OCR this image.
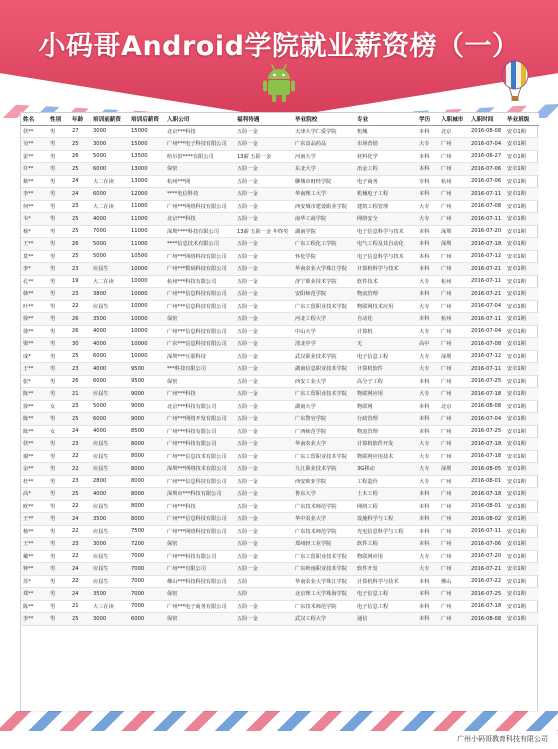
小码哥Android学院就业薪资榜（一）
姓名	性别	年龄	培训前薪资	培训后薪资	入职公司	福利待遇	毕业院校	专业	学历	入职城市	入职时间	毕业班级
侯**	男	27	3000	15000	北京***科技	五险一金	天津大学仁爱学院	机械	本科	北京	2016-08-08	安卓1期
吴**	男	25	3000	15000	广州***电子科技有限公司	五险一金	广东食品药品	市场营销	大专	广州	2016-07-04	安卓1期
雷**	男	26	5000	13500	哈尔滨****有限公司	13薪 五险一金	河南大学	材料化学	本科	广州	2016-06-27	安卓1期
许**	男	25	6000	13000	保密	五险一金	东北大学	冶金工程	本科	广州	2016-07-06	安卓1期
蔡**	男	24	大二在读	13000	杭州***网	五险一金	聊城市财经学院	电子商务	专科	杭州	2016-07-06	安卓1期
李**	男	24	6000	12000	****电信科技	五险一金	华南理工大学	机械电子工程	本科	广州	2016-07-11	安卓1期
何**	男	23	大二在读	11000	广州***网络科技有限公司	五险一金	西安城市建设职业学院	建筑工程管理	大专	广州	2016-07-08	安卓1期
韦*	男	25	4000	11000	北京***科技	五险一金	南华工商学院	网络安全	大专	广州	2016-07-11	安卓1期
杨*	男	25	7000	11000	深圳****科技有限公司	13薪 五险一金 年终奖	湖南学院	电子信息科学与技术	本科	深圳	2016-07-20	安卓1期
王**	男	26	5000	11000	****信息技术有限公司	五险一金	广东工程化工学院	电气工程及其自动化	本科	深圳	2016-07-18	安卓1期
莫**	男	25	5000	10500	广州***网络科技有限公司	五险一金	怀化学院	电子信息科学与技术	本科	广州	2016-07-12	安卓1期
李*	男	23	应届生	10000	广州***数码科技有限公司	五险一金	华南农业大学珠江学院	计算机科学与技术	本科	广州	2016-07-21	安卓1期
孔**	男	19	大二在读	10000	杭州***科技有限公司	五险一金	济宁职业技术学院	软件技术	大专	杭州	2016-07-11	安卓1期
韩**	男	23	3800	10000	广州***信息科技有限公司	五险一金	安阳师范学院	物流管理	本科	广州	2016-07-21	安卓1期
叶**	男	22	应届生	10000	广州***信息科技有限公司	五险一金	广东工贸职业技术学院	物联网技术应用	大专	广州	2016-07-04	安卓1期
徐**	男	26	3500	10000	保密	五险一金	河北工程大学	自动化	本科	杭州	2016-07-11	安卓1期
徐**	男	26	4000	10000	广州***信息科技有限公司	五险一金	中山大学	计算机	大专	广州	2016-07-04	安卓1期
梁**	男	30	4000	10000	广东***信息科技有限公司	五险一金	清北中学	无	高中	广州	2016-07-08	安卓1期
成*	男	25	6000	10000	深圳***互联科技	五险一金	武汉职业技术学院	电子信息工程	大专	深圳	2016-07-12	安卓1期
王**	男	23	4000	9500	***科技有限公司	五险一金	湖南信息职业技术学院	计算机软件	大专	广州	2016-07-11	安卓1期
张*	男	26	6000	9500	保密	五险一金	西安工业大学	高分子工程	本科	广州	2016-07-25	安卓1期
陈**	男	21	应届生	9000	广州***科技	五险一金	广东工贸职业技术学院	物联网应用	大专	广州	2016-07-18	安卓1期
徐**	女	23	5000	9000	北京***科技有限公司	五险一金	湖南大学	物联网	本科	北京	2016-08-08	安卓1期
陈**	男	25	6000	9000	广州***网络开发有限公司	五险一金	广东警官学院	行政管理	本科	广州	2016-07-04	安卓1期
陈**	女	24	4000	8500	广州***科技有限公司	五险一金	广西师范学院	物流管理	本科	广州	2016-07-25	安卓1期
侯**	男	23	应届生	8000	广州***科技有限公司	五险一金	华南农业大学	计算机软件开发	大专	广州	2016-07-18	安卓1期
谢**	男	22	应届生	8000	广州***信息技术有限公司	五险一金	广东工贸职业技术学院	物联网应用技术	大专	广州	2016-07-18	安卓1期
余**	男	22	应届生	8000	深圳***网络技术有限公司	五险一金	九江职业技术学院	3G移动	大专	深圳	2016-08-05	安卓1期
杜**	男	23	2800	8000	广州***信息科技有限公司	五险一金	西安欧亚学院	工程造价	大专	广州	2016-08-01	安卓1期
高*	男	25	4000	8000	深圳市***科技有限公司	五险一金	鲁东大学	土木工程	本科	广州	2016-07-18	安卓1期
欧**	男	22	应届生	8000	广州***科技	五险一金	广东技术师范学院	网络工程	本科	广州	2016-08-01	安卓1期
王**	男	24	3500	8000	广州***信息科技有限公司	五险一金	华中农业大学	设施科学与工程	本科	广州	2016-08-02	安卓1期
杨**	男	22	应届生	7500	广州***网络科技有限公司	五险一金	广东技术师范学院	光电信息科学与工程	本科	广州	2016-07-11	安卓1期
王**	男	23	3000	7200	保密	五险一金	郑州轻工业学院	软件工程	本科	广州	2016-07-06	安卓1期
戴**	男	22	应届生	7000	广州***科技有限公司	五险一金	广东工贸职业技术学院	物联网应用	大专	广州	2016-07-20	安卓1期
钟**	男	24	应届生	7000	广州***有限公司	五险一金	广东岭南职业技术学院	软件开发	大专	广州	2016-07-21	安卓1期
苏*	男	22	应届生	7000	佛山***科技科技有限公司	五险	华南农业大学珠江学院	计算机科学与技术	本科	佛山	2016-07-22	安卓1期
郑**	男	24	3500	7000	保密	五险	北京理工大学珠海学院	电子信息工程	本科	广州	2016-07-25	安卓1期
陈**	男	21	大三在读	7000	广州***电子商务有限公司	五险一金	广东技术师范学院	电子信息工程	本科	广州	2016-07-18	安卓1期
李**	男	25	3000	6000	保密	五险一金	武汉工程大学	通信	本科	广州	2016-08-08	安卓1期
广州小码哥教育科技有限公司
